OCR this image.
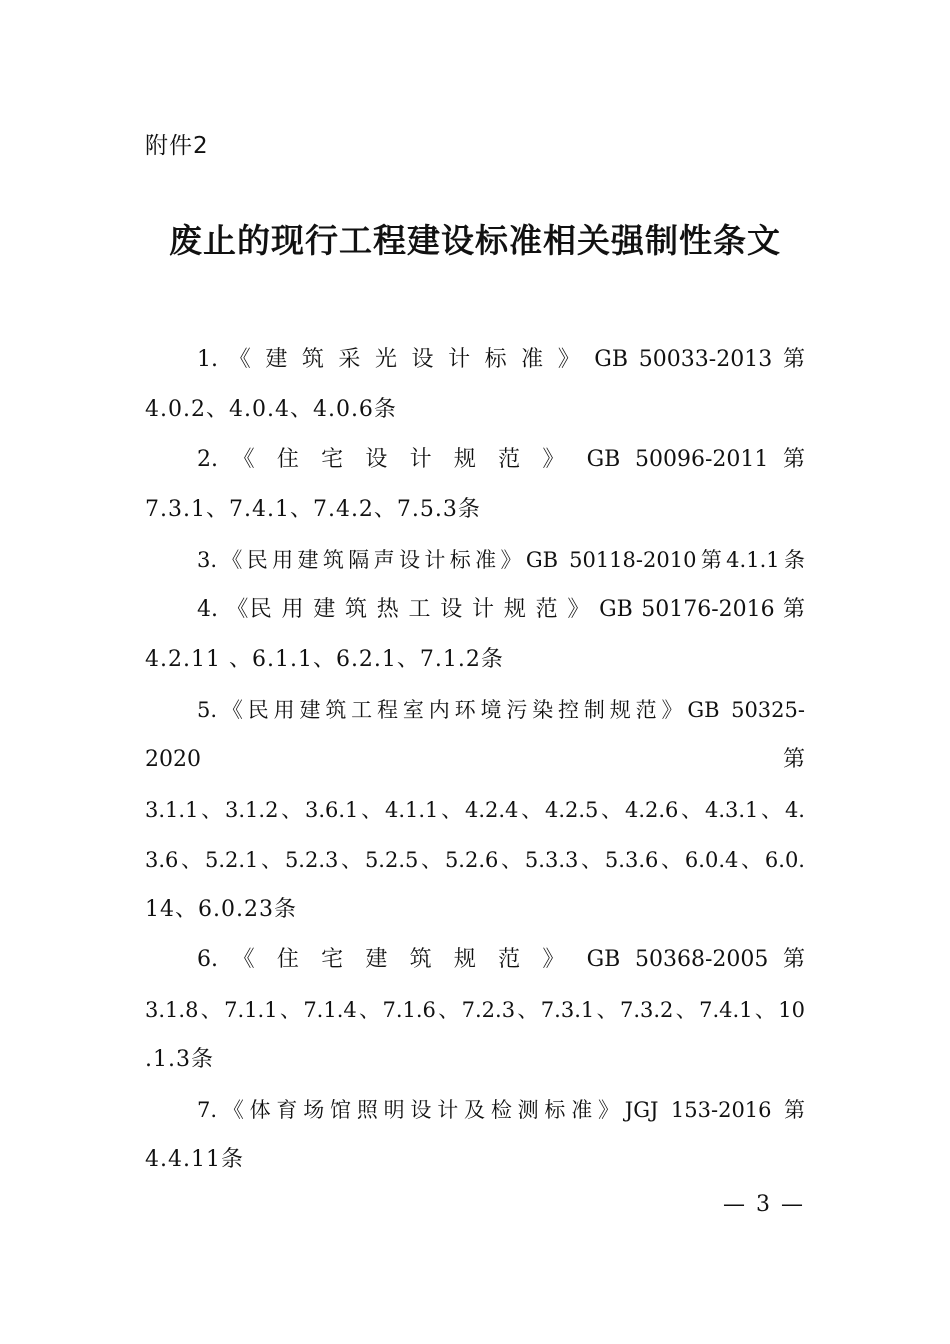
附件2
废止的现行工程建设标准相关强制性条文
1. 《 建 筑 采 光 设 计 标 准 》 GB 50033-2013 第
4.0.2、4.0.4、4.0.6条
2. 《 住 宅 设 计 规 范 》 GB 50096-2011 第
7.3.1、7.4.1、7.4.2、7.5.3条
3.《民用建筑隔声设计标准》GB 50118-2010第4.1.1条
4. 《民 用 建 筑 热 工 设 计 规 范 》 GB 50176-2016 第
4.2.11 、6.1.1、6.2.1、7.1.2条
5.《民用建筑工程室内环境污染控制规范》GB 50325-
2020 第
3.1.1、3.1.2、3.6.1、4.1.1、4.2.4、4.2.5、4.2.6、4.3.1、4.
3.6、5.2.1、5.2.3、5.2.5、5.2.6、5.3.3、5.3.6、6.0.4、6.0.
14、6.0.23条
6. 《 住 宅 建 筑 规 范 》 GB 50368-2005 第
3.1.8、7.1.1、7.1.4、7.1.6、7.2.3、7.3.1、7.3.2、7.4.1、10
.1.3条
7.《体育场馆照明设计及检测标准》JGJ 153-2016 第
4.4.11条
— 3 —
